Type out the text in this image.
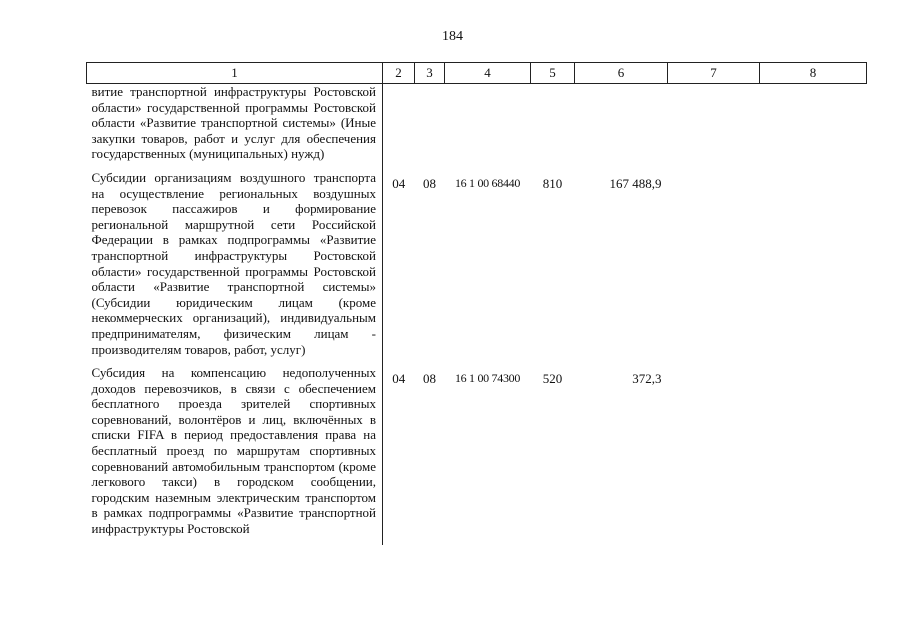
184
1	2	3	4	5	6	7	8
витие транспортной инфраструктуры Ростовской области» государственной программы Ростовской области «Развитие транспортной системы» (Иные закупки товаров, работ и услуг для обеспечения государственных (муниципальных) нужд)							
Субсидии организациям воздушного транспорта на осуществление региональных воздушных перевозок пассажиров и формирование региональной маршрутной сети Российской Федерации в рамках подпрограммы «Развитие транспортной инфраструктуры Ростовской области» государственной программы Ростовской области «Развитие транспортной системы» (Субсидии юридическим лицам (кроме некоммерческих организаций), индивидуальным предпринимателям, физическим лицам - производителям товаров, работ, услуг)	04	08	16 1 00 68440	810	167 488,9		
Субсидия на компенсацию недополученных доходов перевозчиков, в связи с обеспечением бесплатного проезда зрителей спортивных соревнований, волонтёров и лиц, включённых в списки FIFA в период предоставления права на бесплатный проезд по маршрутам спортивных соревнований автомобильным транспортом (кроме легкового такси) в городском сообщении, городским наземным электрическим транспортом в рамках подпрограммы «Развитие транспортной инфраструктуры Ростовской	04	08	16 1 00 74300	520	372,3		
